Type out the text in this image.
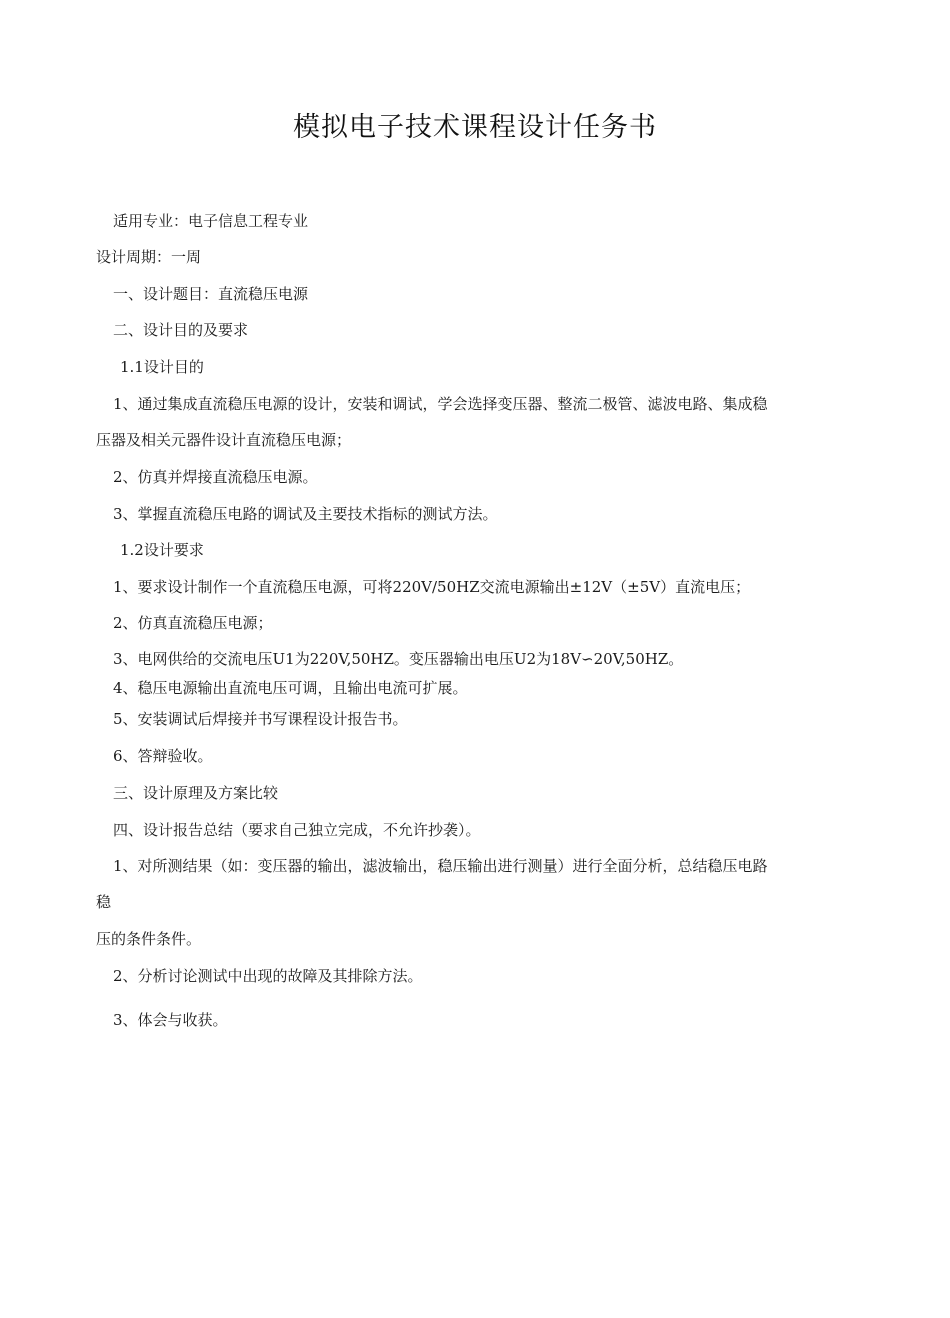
模拟电子技术课程设计任务书
适用专业：电子信息工程专业
设计周期：一周
一、设计题目：直流稳压电源
二、设计目的及要求
1.1设计目的
1、通过集成直流稳压电源的设计，安装和调试，学会选择变压器、整流二极管、滤波电路、集成稳
压器及相关元器件设计直流稳压电源；
2、仿真并焊接直流稳压电源。
3、掌握直流稳压电路的调试及主要技术指标的测试方法。
1.2设计要求
1、要求设计制作一个直流稳压电源，可将220V/50HZ交流电源输出±12V（±5V）直流电压；
2、仿真直流稳压电源；
3、电网供给的交流电压U1为220V,50HZ。变压器输出电压U2为18V∽20V,50HZ。
4、稳压电源输出直流电压可调，且输出电流可扩展。
5、安装调试后焊接并书写课程设计报告书。
6、答辩验收。
三、设计原理及方案比较
四、设计报告总结（要求自己独立完成，不允许抄袭）。
1、对所测结果（如：变压器的输出，滤波输出，稳压输出进行测量）进行全面分析，总结稳压电路
稳
压的条件条件。
2、分析讨论测试中出现的故障及其排除方法。
3、体会与收获。
